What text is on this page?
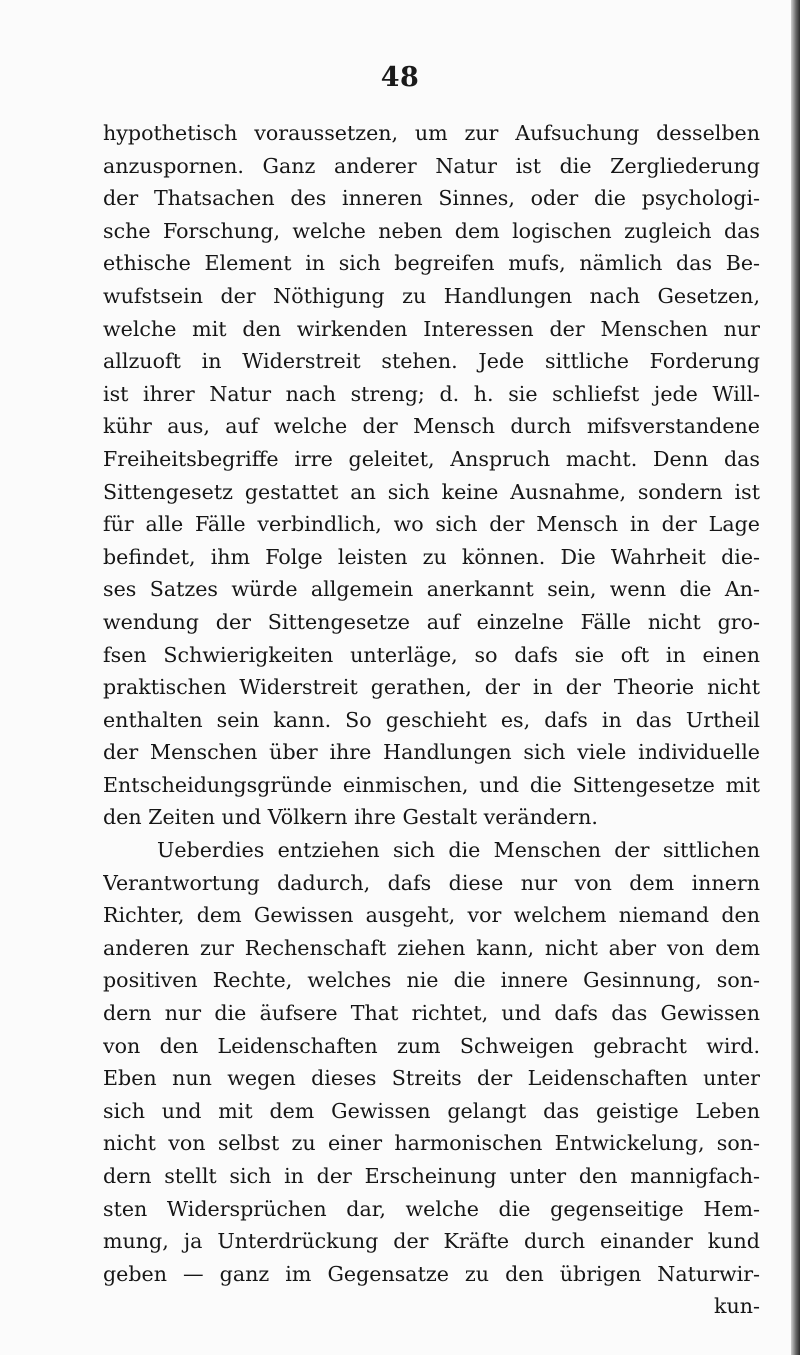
48
hypothetisch voraussetzen, um zur Aufsuchung desselben
anzuspornen. Ganz anderer Natur ist die Zergliederung
der Thatsachen des inneren Sinnes, oder die psychologi-
sche Forschung, welche neben dem logischen zugleich das
ethische Element in sich begreifen mufs, nämlich das Be-
wufstsein der Nöthigung zu Handlungen nach Gesetzen,
welche mit den wirkenden Interessen der Menschen nur
allzuoft in Widerstreit stehen. Jede sittliche Forderung
ist ihrer Natur nach streng; d. h. sie schliefst jede Will-
kühr aus, auf welche der Mensch durch mifsverstandene
Freiheitsbegriffe irre geleitet, Anspruch macht. Denn das
Sittengesetz gestattet an sich keine Ausnahme, sondern ist
für alle Fälle verbindlich, wo sich der Mensch in der Lage
befindet, ihm Folge leisten zu können. Die Wahrheit die-
ses Satzes würde allgemein anerkannt sein, wenn die An-
wendung der Sittengesetze auf einzelne Fälle nicht gro-
fsen Schwierigkeiten unterläge, so dafs sie oft in einen
praktischen Widerstreit gerathen, der in der Theorie nicht
enthalten sein kann. So geschieht es, dafs in das Urtheil
der Menschen über ihre Handlungen sich viele individuelle
Entscheidungsgründe einmischen, und die Sittengesetze mit
den Zeiten und Völkern ihre Gestalt verändern.
Ueberdies entziehen sich die Menschen der sittlichen
Verantwortung dadurch, dafs diese nur von dem innern
Richter, dem Gewissen ausgeht, vor welchem niemand den
anderen zur Rechenschaft ziehen kann, nicht aber von dem
positiven Rechte, welches nie die innere Gesinnung, son-
dern nur die äufsere That richtet, und dafs das Gewissen
von den Leidenschaften zum Schweigen gebracht wird.
Eben nun wegen dieses Streits der Leidenschaften unter
sich und mit dem Gewissen gelangt das geistige Leben
nicht von selbst zu einer harmonischen Entwickelung, son-
dern stellt sich in der Erscheinung unter den mannigfach-
sten Widersprüchen dar, welche die gegenseitige Hem-
mung, ja Unterdrückung der Kräfte durch einander kund
geben — ganz im Gegensatze zu den übrigen Naturwir-
kun-
